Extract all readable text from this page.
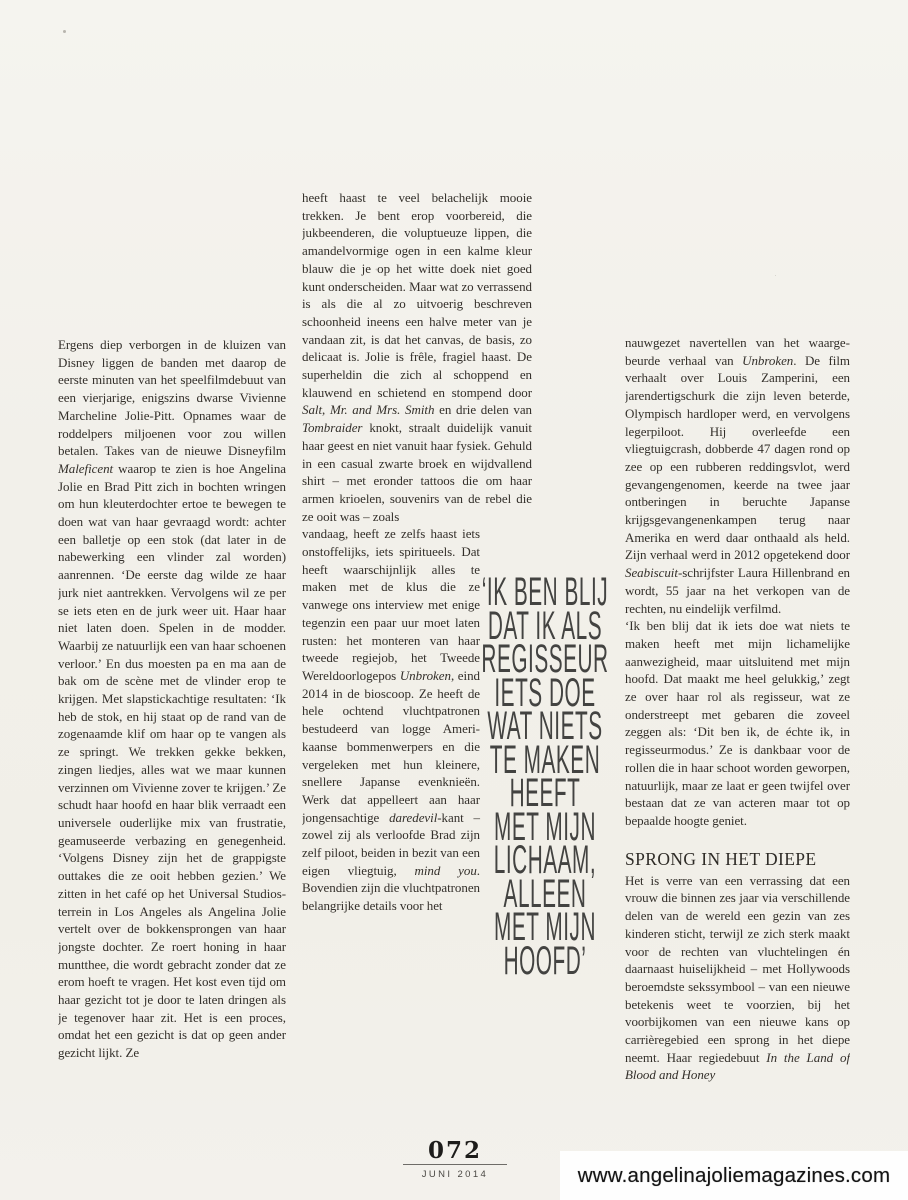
Ergens diep verborgen in de kluizen van Disney liggen de banden met daarop de eerste minuten van het speelfilmdebuut van een vierjarige, enigszins dwarse Vivienne Marcheline Jolie-Pitt. Opnames waar de roddelpers miljoenen voor zou willen betalen. Takes van de nieuwe Disneyfilm Maleficent waarop te zien is hoe Angelina Jolie en Brad Pitt zich in bochten wringen om hun kleuterdochter ertoe te bewegen te doen wat van haar gevraagd wordt: achter een balletje op een stok (dat later in de nabewerking een vlinder zal worden) aanrennen. ‘De eerste dag wilde ze haar jurk niet aantrekken. Vervolgens wil ze per se iets eten en de jurk weer uit. Haar haar niet laten doen. Spelen in de modder. Waarbij ze natuurlijk een van haar schoenen verloor.’ En dus moesten pa en ma aan de bak om de scène met de vlinder erop te krijgen. Met slapstickachtige resultaten: ‘Ik heb de stok, en hij staat op de rand van de zogenaamde klif om haar op te vangen als ze springt. We trekken gekke bekken, zingen liedjes, alles wat we maar kunnen verzinnen om Vivienne zover te krijgen.’ Ze schudt haar hoofd en haar blik verraadt een universele ouderlijke mix van frustratie, geamuseerde verbazing en genegenheid. ‘Volgens Disney zijn het de grappigste outtakes die ze ooit hebben gezien.’ We zitten in het café op het Universal Studios-terrein in Los Angeles als Angelina Jolie vertelt over de bokkensprongen van haar jongste dochter. Ze roert honing in haar muntthee, die wordt gebracht zonder dat ze erom hoeft te vragen. Het kost even tijd om haar gezicht tot je door te laten dringen als je tegenover haar zit. Het is een proces, omdat het een gezicht is dat op geen ander gezicht lijkt. Ze

heeft haast te veel belachelijk mooie trekken. Je bent erop voorbereid, die jukbeenderen, die voluptueuze lippen, die amandelvormige ogen in een kalme kleur blauw die je op het witte doek niet goed kunt onderscheiden. Maar wat zo verrassend is als die al zo uitvoerig beschreven schoonheid ineens een halve meter van je vandaan zit, is dat het canvas, de basis, zo delicaat is. Jolie is frêle, fragiel haast. De superheldin die zich al schoppend en klauwend en schietend en stompend door Salt, Mr. and Mrs. Smith en drie delen van Tombraider knokt, straalt duidelijk vanuit haar geest en niet vanuit haar fysiek. Gehuld in een casual zwarte broek en wijdvallend shirt – met eronder tattoos die om haar armen krioelen, souvenirs van de rebel die ze ooit was – zoals

vandaag, heeft ze zelfs haast iets onstoffelijks, iets spiritueels. Dat heeft waarschijnlijk alles te maken met de klus die ze vanwege ons interview met enige tegenzin een paar uur moet laten rusten: het monteren van haar tweede regiejob, het Tweede Wereldoorlogepos Unbroken, eind 2014 in de bioscoop. Ze heeft de hele ochtend vluchtpatronen bestudeerd van logge Amerikaanse bommenwerpers en die vergeleken met hun kleinere, snellere Japanse evenknieën. Werk dat appelleert aan haar jongensachtige daredevil-kant – zowel zij als verloofde Brad zijn zelf piloot, beiden in bezit van een eigen vliegtuig, mind you. Bovendien zijn die vluchtpatronen belangrijke details voor het

‘IK BEN BLIJ
DAT IK ALS
REGISSEUR
IETS DOE
WAT NIETS
TE MAKEN
HEEFT
MET MIJN
LICHAAM,
ALLEEN
MET MIJN
HOOFD’

nauwgezet navertellen van het waargebeurde verhaal van Unbroken. De film verhaalt over Louis Zamperini, een jarendertigschurk die zijn leven beterde, Olympisch hardloper werd, en vervolgens legerpiloot. Hij overleefde een vliegtuigcrash, dobberde 47 dagen rond op zee op een rubberen reddingsvlot, werd gevangengenomen, keerde na twee jaar ontberingen in beruchte Japanse krijgsgevangenenkampen terug naar Amerika en werd daar onthaald als held. Zijn verhaal werd in 2012 opgetekend door Seabiscuit-schrijfster Laura Hillenbrand en wordt, 55 jaar na het verkopen van de rechten, nu eindelijk verfilmd.

‘Ik ben blij dat ik iets doe wat niets te maken heeft met mijn lichamelijke aanwezigheid, maar uitsluitend met mijn hoofd. Dat maakt me heel gelukkig,’ zegt ze over haar rol als regisseur, wat ze onderstreept met gebaren die zoveel zeggen als: ‘Dit ben ik, de échte ik, in regisseurmodus.’ Ze is dankbaar voor de rollen die in haar schoot worden geworpen, natuurlijk, maar ze laat er geen twijfel over bestaan dat ze van acteren maar tot op bepaalde hoogte geniet.

SPRONG IN HET DIEPE

Het is verre van een verrassing dat een vrouw die binnen zes jaar via verschillende delen van de wereld een gezin van zes kinderen sticht, terwijl ze zich sterk maakt voor de rechten van vluchtelingen én daarnaast huiselijkheid – met Hollywoods beroemdste sekssymbool – van een nieuwe betekenis weet te voorzien, bij het voorbijkomen van een nieuwe kans op carrièregebied een sprong in het diepe neemt. Haar regiedebuut In the Land of Blood and Honey

072
JUNI 2014	www.angelinajoliemagazines.com
